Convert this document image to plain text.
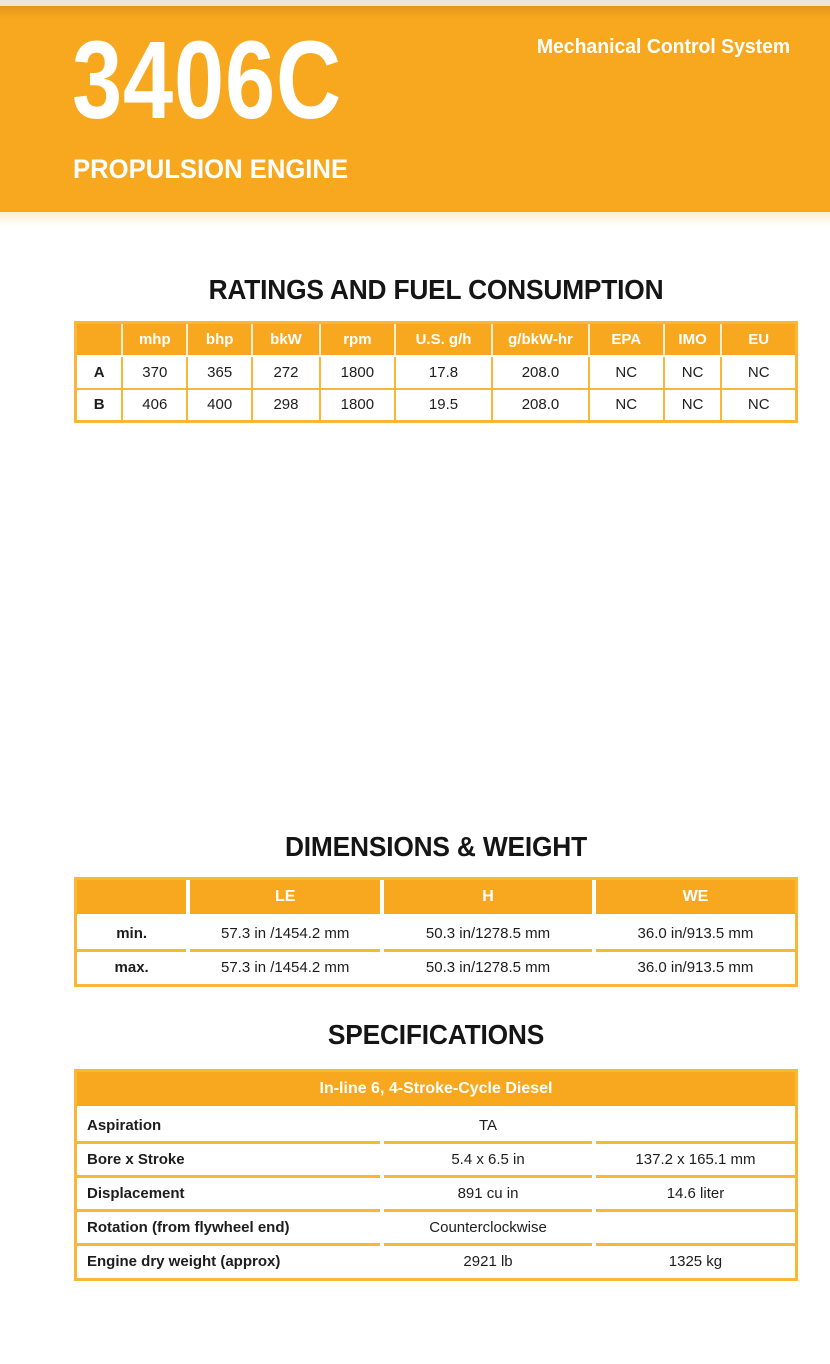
Mechanical Control System
3406C
PROPULSION ENGINE
RATINGS AND FUEL CONSUMPTION
	mhp	bhp	bkW	rpm	U.S. g/h	g/bkW-hr	EPA	IMO	EU
A	370	365	272	1800	17.8	208.0	NC	NC	NC
B	406	400	298	1800	19.5	208.0	NC	NC	NC
DIMENSIONS & WEIGHT
	LE	H	WE
min.	57.3 in /1454.2 mm	50.3 in/1278.5 mm	36.0 in/913.5 mm
max.	57.3 in /1454.2 mm	50.3 in/1278.5 mm	36.0 in/913.5 mm
SPECIFICATIONS
In-line 6, 4-Stroke-Cycle Diesel		
Aspiration	TA	
Bore x Stroke	5.4 x 6.5 in	137.2 x 165.1 mm
Displacement	891 cu in	14.6 liter
Rotation (from flywheel end)	Counterclockwise	
Engine dry weight (approx)	2921 lb	1325 kg
